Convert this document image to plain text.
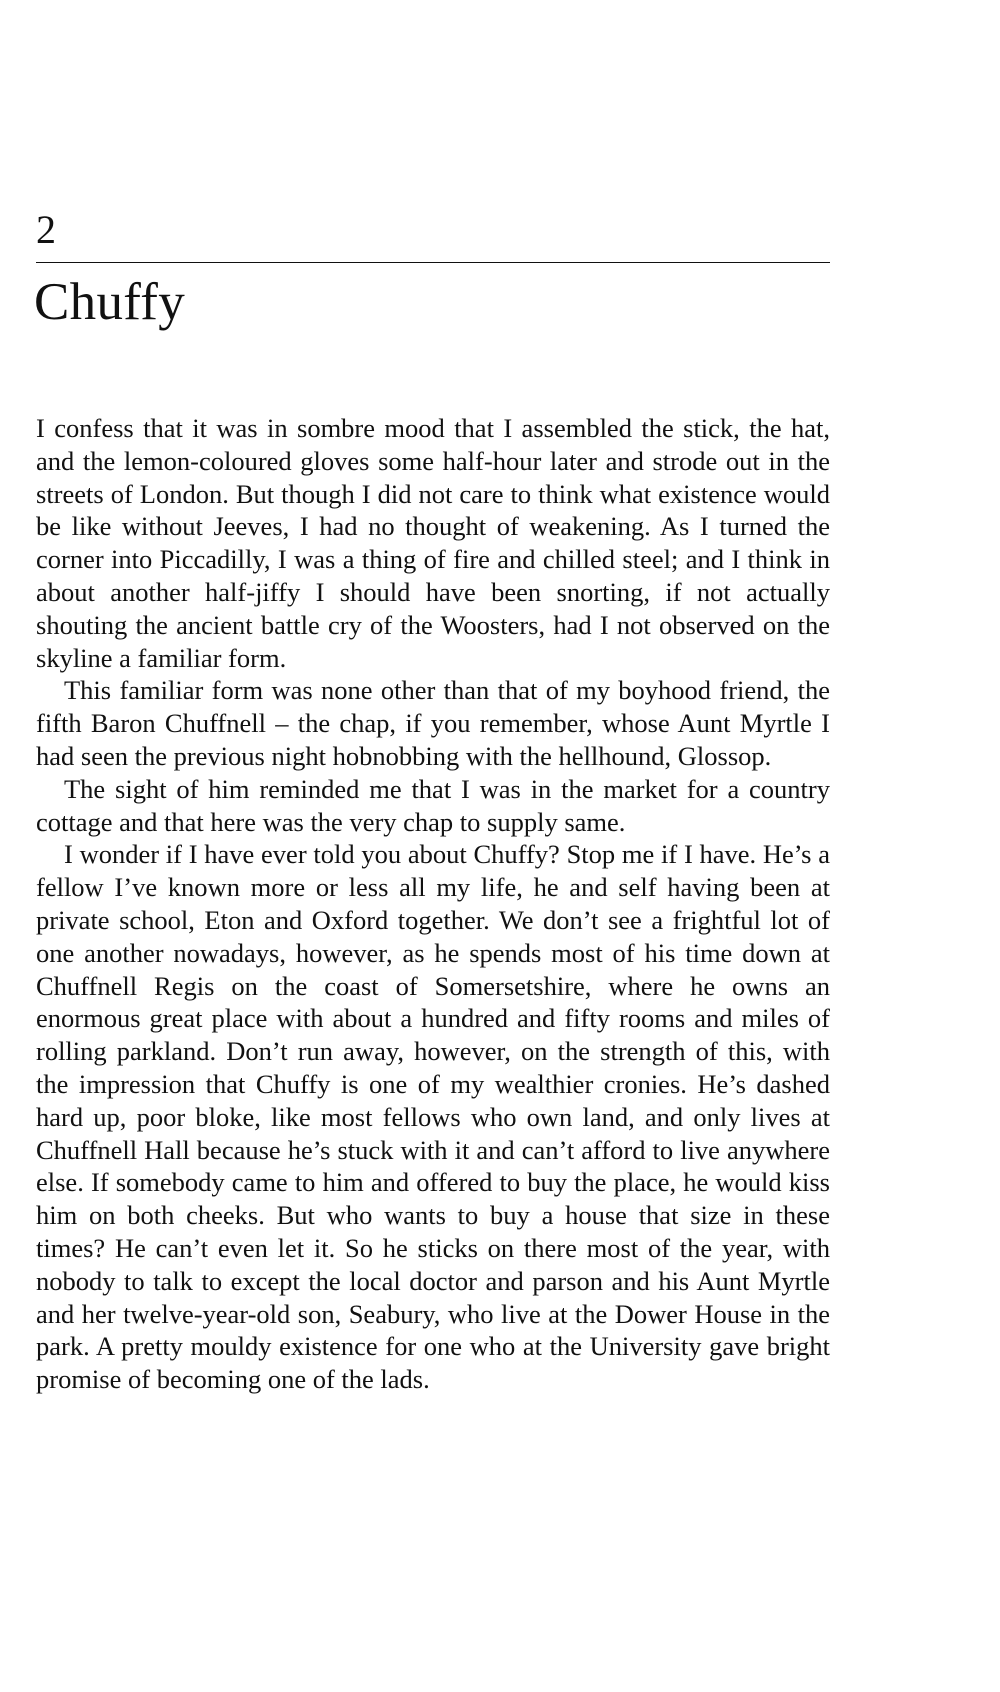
2
Chuffy

I confess that it was in sombre mood that I assembled the stick, the hat, and the lemon-coloured gloves some half-hour later and strode out in the streets of London. But though I did not care to think what existence would be like without Jeeves, I had no thought of weakening. As I turned the corner into Piccadilly, I was a thing of fire and chilled steel; and I think in about another half-jiffy I should have been snorting, if not actually shouting the ancient battle cry of the Woosters, had I not observed on the skyline a familiar form.

This familiar form was none other than that of my boyhood friend, the fifth Baron Chuffnell – the chap, if you remember, whose Aunt Myrtle I had seen the previous night hobnobbing with the hellhound, Glossop.

The sight of him reminded me that I was in the market for a country cottage and that here was the very chap to supply same.

I wonder if I have ever told you about Chuffy? Stop me if I have. He’s a fellow I’ve known more or less all my life, he and self having been at private school, Eton and Oxford together. We don’t see a frightful lot of one another nowadays, however, as he spends most of his time down at Chuffnell Regis on the coast of Somersetshire, where he owns an enormous great place with about a hundred and fifty rooms and miles of rolling parkland. Don’t run away, however, on the strength of this, with the impression that Chuffy is one of my wealthier cronies. He’s dashed hard up, poor bloke, like most fellows who own land, and only lives at Chuffnell Hall because he’s stuck with it and can’t afford to live anywhere else. If somebody came to him and offered to buy the place, he would kiss him on both cheeks. But who wants to buy a house that size in these times? He can’t even let it. So he sticks on there most of the year, with nobody to talk to except the local doctor and parson and his Aunt Myrtle and her twelve-year-old son, Seabury, who live at the Dower House in the park. A pretty mouldy existence for one who at the University gave bright promise of becoming one of the lads.
